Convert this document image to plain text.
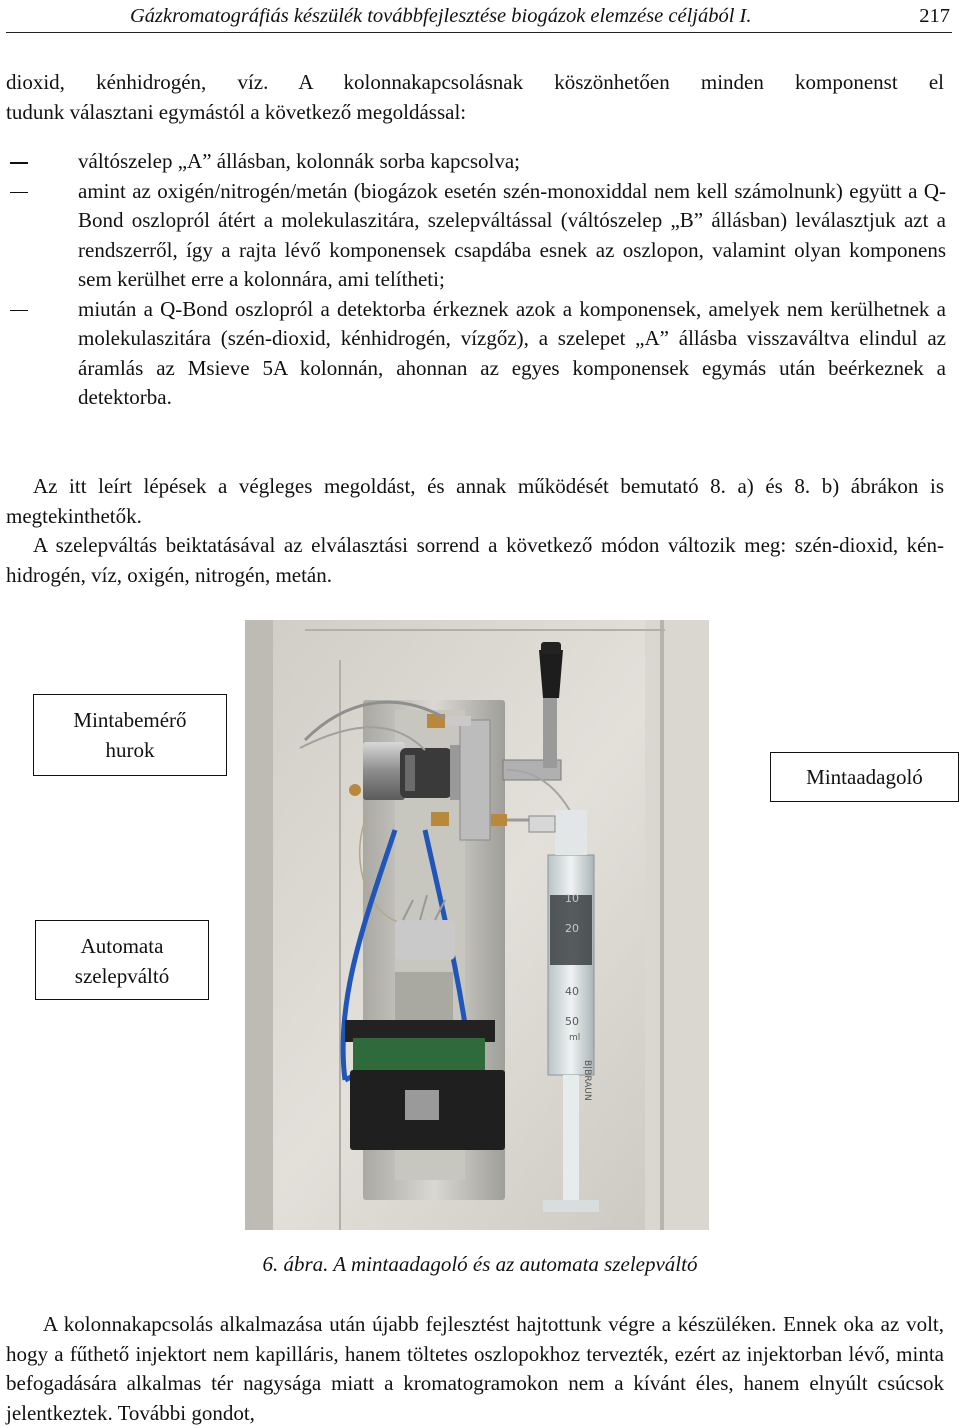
Gázkromatográfiás készülék továbbfejlesztése biogázok elemzése céljából I.	217

dioxid, kénhidrogén, víz. A kolonnakapcsolásnak köszönhetően minden komponenst el

tudunk választani egymástól a következő megoldással:

váltószelep „A” állásban, kolonnák sorba kapcsolva;
amint az oxigén/nitrogén/metán (biogázok esetén szén-monoxiddal nem kell számolnunk) együtt a Q-Bond oszlopról átért a molekulaszitára, szelepváltással (váltószelep „B” állásban) leválasztjuk azt a rendszerről, így a rajta lévő komponensek csapdába esnek az oszlopon, valamint olyan komponens sem kerülhet erre a kolonnára, ami telítheti;
miután a Q-Bond oszlopról a detektorba érkeznek azok a komponensek, amelyek nem kerülhetnek a molekulaszitára (szén-dioxid, kénhidrogén, vízgőz), a szelepet „A” állásba visszaváltva elindul az áramlás az Msieve 5A kolonnán, ahonnan az egyes komponensek egymás után beérkeznek a detektorba.

Az itt leírt lépések a végleges megoldást, és annak működését bemutató 8. a) és 8. b) ábrákon is megtekinthetők.

A szelepváltás beiktatásával az elválasztási sorrend a következő módon változik meg: szén-dioxid, kén-hidrogén, víz, oxigén, nitrogén, metán.

10
20
30
40
50
ml
B|BRAUN
Mintabemérő
hurok
Mintaadagoló
Automata
szelepváltó
6. ábra. A mintaadagoló és az automata szelepváltó

A kolonnakapcsolás alkalmazása után újabb fejlesztést hajtottunk végre a készüléken. Ennek oka az volt, hogy a fűthető injektort nem kapilláris, hanem töltetes oszlopokhoz tervezték, ezért az injektorban lévő, minta befogadására alkalmas tér nagysága miatt a kromatogramokon nem a kívánt éles, hanem elnyúlt csúcsok jelentkeztek. További gondot,
